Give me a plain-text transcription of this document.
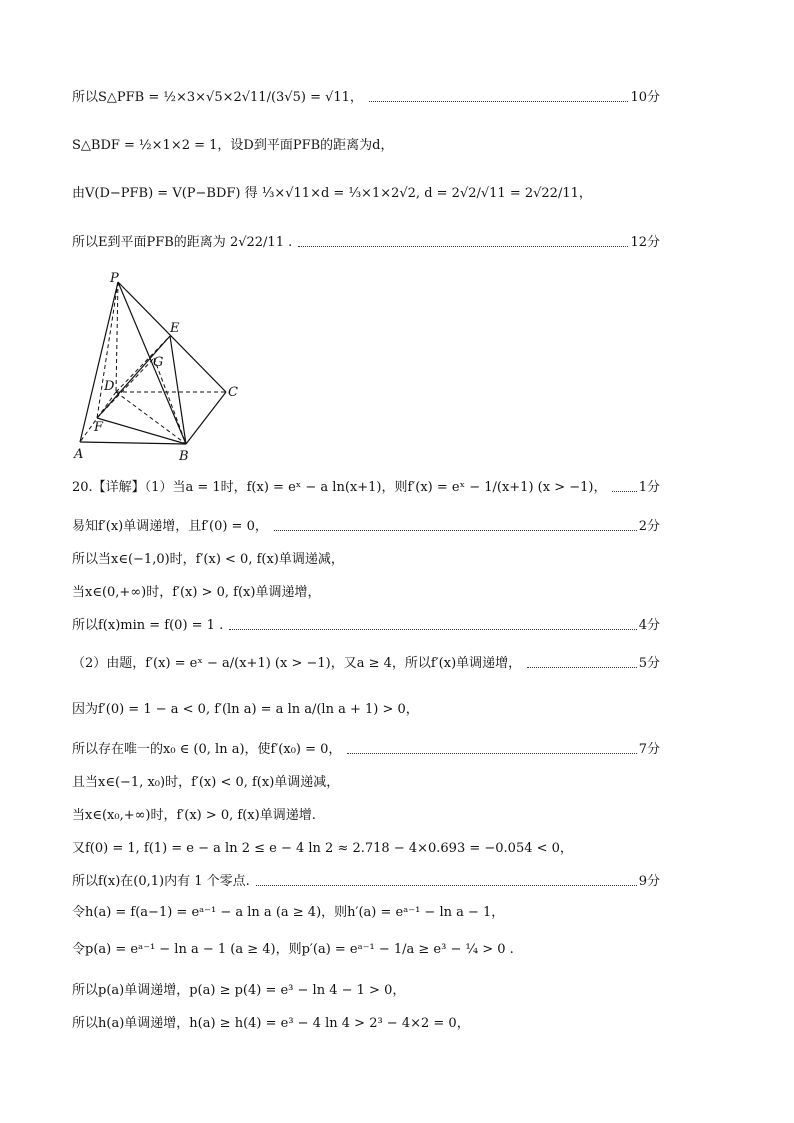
所以S△PFB = ½×3×√5×2√11/(3√5) = √11，	10分
S△BDF = ½×1×2 = 1，设D到平面PFB的距离为d，
由V(D−PFB) = V(P−BDF) 得 ⅓×√11×d = ⅓×1×2√2, d = 2√2/√11 = 2√22/11，
所以E到平面PFB的距离为 2√22/11 .	12分
P
E
G
D	C
F
A	B
20.【详解】（1）当a = 1时，f(x) = eˣ − a ln(x+1)，则f′(x) = eˣ − 1/(x+1) (x > −1)， 1分
易知f′(x)单调递增，且f′(0) = 0，	2分
所以当x∈(−1,0)时，f′(x) < 0, f(x)单调递减，
当x∈(0,+∞)时，f′(x) > 0, f(x)单调递增，
所以f(x)min = f(0) = 1 .	4分
（2）由题，f′(x) = eˣ − a/(x+1) (x > −1)，又a ≥ 4，所以f′(x)单调递增，	5分
因为f′(0) = 1 − a < 0, f′(ln a) = a ln a/(ln a + 1) > 0，
所以存在唯一的x₀ ∈ (0, ln a)，使f′(x₀) = 0，	7分
且当x∈(−1, x₀)时，f′(x) < 0, f(x)单调递减，
当x∈(x₀,+∞)时，f′(x) > 0, f(x)单调递增.
又f(0) = 1, f(1) = e − a ln 2 ≤ e − 4 ln 2 ≈ 2.718 − 4×0.693 = −0.054 < 0，
所以f(x)在(0,1)内有 1 个零点.	9分
令h(a) = f(a−1) = eᵃ⁻¹ − a ln a (a ≥ 4)，则h′(a) = eᵃ⁻¹ − ln a − 1，
令p(a) = eᵃ⁻¹ − ln a − 1 (a ≥ 4)，则p′(a) = eᵃ⁻¹ − 1/a ≥ e³ − ¼ > 0 .
所以p(a)单调递增，p(a) ≥ p(4) = e³ − ln 4 − 1 > 0，
所以h(a)单调递增，h(a) ≥ h(4) = e³ − 4 ln 4 > 2³ − 4×2 = 0，
